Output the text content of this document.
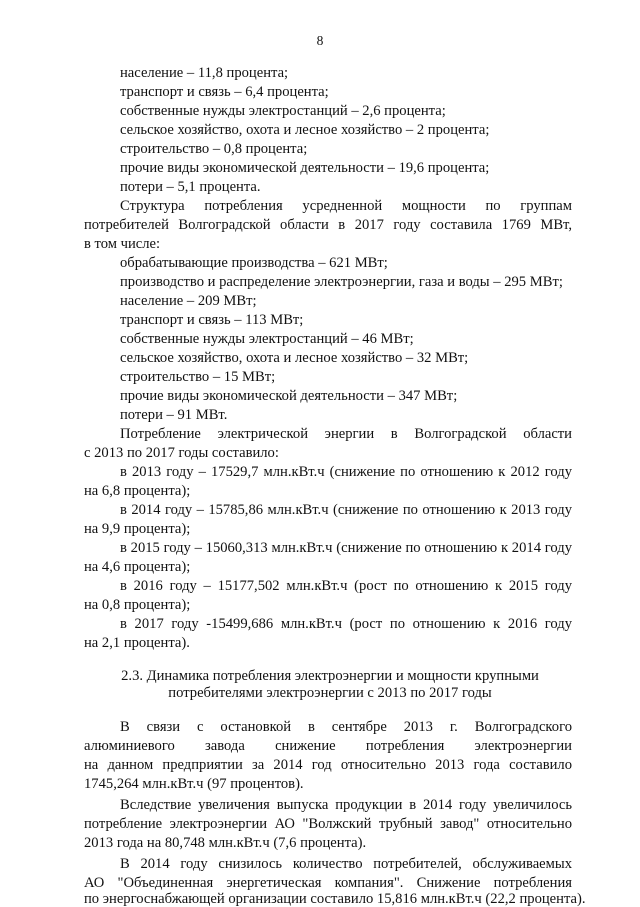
8
население – 11,8 процента;
транспорт и связь – 6,4 процента;
собственные нужды электростанций – 2,6 процента;
сельское хозяйство, охота и лесное хозяйство – 2 процента;
строительство – 0,8 процента;
прочие виды экономической деятельности – 19,6 процента;
потери – 5,1 процента.
Структура потребления усредненной мощности по группам
потребителей Волгоградской области в 2017 году составила 1769 МВт,
в том числе:
обрабатывающие производства – 621 МВт;
производство и распределение электроэнергии, газа и воды – 295 МВт;
население – 209 МВт;
транспорт и связь – 113 МВт;
собственные нужды электростанций – 46 МВт;
сельское хозяйство, охота и лесное хозяйство – 32 МВт;
строительство – 15 МВт;
прочие виды экономической деятельности – 347 МВт;
потери – 91 МВт.
Потребление электрической энергии в Волгоградской области
с 2013 по 2017 годы составило:
в 2013 году – 17529,7 млн.кВт.ч (снижение по отношению к 2012 году
на 6,8 процента);
в 2014 году – 15785,86 млн.кВт.ч (снижение по отношению к 2013 году
на 9,9 процента);
в 2015 году – 15060,313 млн.кВт.ч (снижение по отношению к 2014 году
на 4,6 процента);
в 2016 году – 15177,502 млн.кВт.ч (рост по отношению к 2015 году
на 0,8 процента);
в 2017 году -15499,686 млн.кВт.ч (рост по отношению к 2016 году
на 2,1 процента).
2.3. Динамика потребления электроэнергии и мощности крупными
потребителями электроэнергии с 2013 по 2017 годы
В связи с остановкой в сентябре 2013 г. Волгоградского
алюминиевого завода снижение потребления электроэнергии
на данном предприятии за 2014 год относительно 2013 года составило
1745,264 млн.кВт.ч (97 процентов).
Вследствие увеличения выпуска продукции в 2014 году увеличилось
потребление электроэнергии АО "Волжский трубный завод" относительно
2013 года на 80,748 млн.кВт.ч (7,6 процента).
В 2014 году снизилось количество потребителей, обслуживаемых
АО "Объединенная энергетическая компания". Снижение потребления
по энергоснабжающей организации составило 15,816 млн.кВт.ч (22,2 процента).
